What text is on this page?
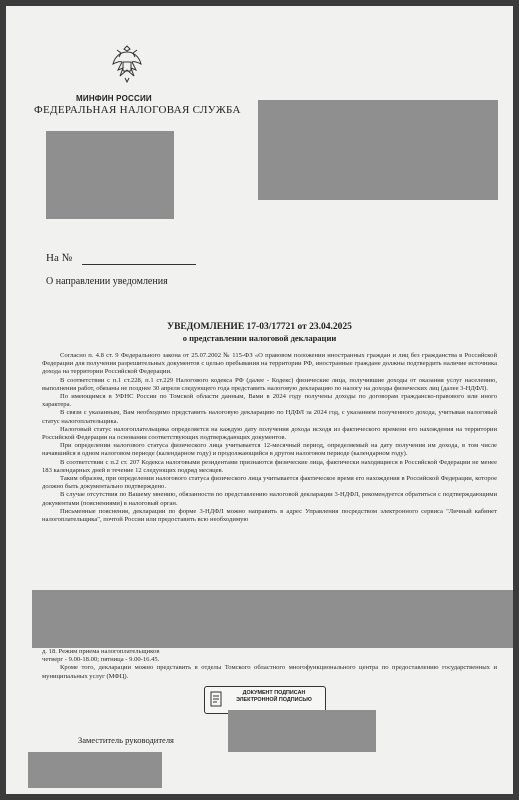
МИНФИН РОССИИ
ФЕДЕРАЛЬНАЯ НАЛОГОВАЯ СЛУЖБА
На №
О направлении уведомления
УВЕДОМЛЕНИЕ 17-03/17721 от 23.04.2025
о представлении налоговой декларации

Согласно п. 4.8 ст. 9 Федерального закона от 25.07.2002 № 115-ФЗ «О правовом положении иностранных граждан и лиц без гражданства в Российской Федерации для получения разрешительных документов с целью пребывания на территории РФ, иностранные граждане должны подтвердить наличие источника дохода на территории Российской Федерации.

В соответствии с п.1 ст.228, п.1 ст.229 Налогового кодекса РФ (далее - Кодекс) физические лица, получившие доходы от оказания услуг населению, выполнения работ, обязаны не позднее 30 апреля следующего года представить налоговую декларацию по налогу на доходы физических лиц (далее 3-НДФЛ).

По имеющимся в УФНС России по Томской области данным, Вами в 2024 году получены доходы по договорам гражданско-правового или иного характера.

В связи с указанным, Вам необходимо представить налоговую декларацию по НДФЛ за 2024 год, с указанием полученного дохода, учитывая налоговый статус налогоплательщика.

Налоговый статус налогоплательщика определяется на каждую дату получения дохода исходя из фактического времени его нахождения на территории Российской Федерации на основании соответствующих подтверждающих документов.

При определении налогового статуса физического лица учитывается 12-месячный период, определяемый на дату получения им дохода, в том числе начавшийся в одном налоговом периоде (календарном году) и продолжающийся в другом налоговом периоде (календарном году).

В соответствии с п.2 ст. 207 Кодекса налоговыми резидентами признаются физические лица, фактически находящиеся в Российской Федерации не менее 183 календарных дней в течение 12 следующих подряд месяцев.

Таким образом, при определении налогового статуса физического лица учитывается фактическое время его нахождения в Российской Федерации, которое должно быть документально подтверждено.

В случае отсутствия по Вашему мнению, обязанности по представлению налоговой декларации 3-НДФЛ, рекомендуется обратиться с подтверждающими документами (пояснениями) в налоговый орган.

Письменные пояснения, декларации по форме 3-НДФЛ можно направить в адрес Управления посредством электронного сервиса "Личный кабинет налогоплательщика", почтой России или предоставить всю необходимую

д. 18. Режим приема налогоплательщиков
четверг - 9.00-18.00; пятница - 9.00-16.45.
Кроме того, декларации можно представить в отделы Томского областного многофункционального центра по предоставлению государственных и муниципальных услуг (МФЦ).
ДОКУМЕНТ ПОДПИСАН
ЭЛЕКТРОННОЙ ПОДПИСЬЮ
Заместитель руководителя
